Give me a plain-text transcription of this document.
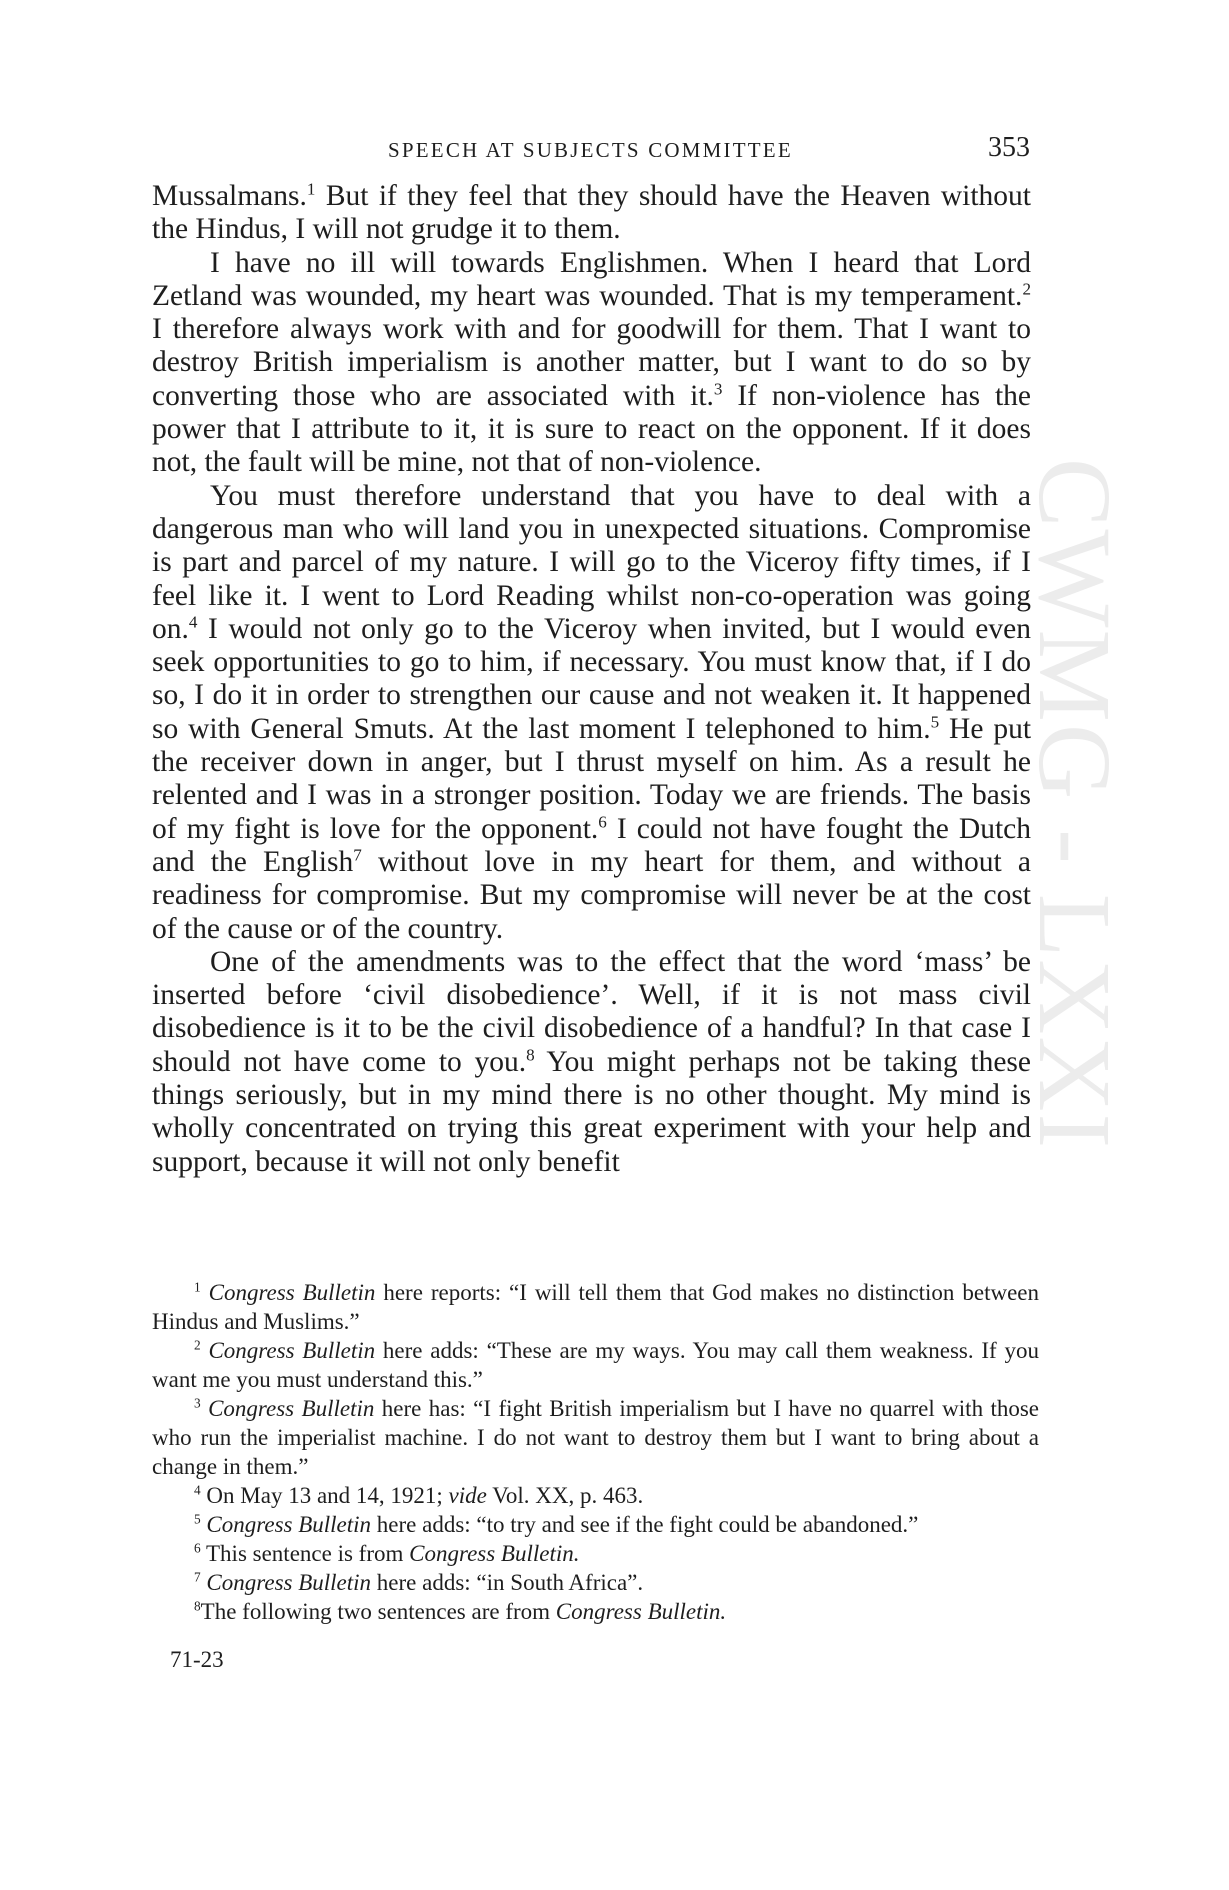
CWMG - LXXI
SPEECH AT SUBJECTS COMMITTEE	353

Mussalmans.$^1$ But if they feel that they should have the Heaven without the Hindus, I will not grudge it to them.

I have no ill will towards Englishmen. When I heard that Lord Zetland was wounded, my heart was wounded. That is my temperament.$^2$ I therefore always work with and for goodwill for them. That I want to destroy British imperialism is another matter, but I want to do so by converting those who are associated with it.$^3$ If non-violence has the power that I attribute to it, it is sure to react on the opponent. If it does not, the fault will be mine, not that of non-violence.

You must therefore understand that you have to deal with a dangerous man who will land you in unexpected situations. Compromise is part and parcel of my nature. I will go to the Viceroy fifty times, if I feel like it. I went to Lord Reading whilst non-co-operation was going on.$^4$ I would not only go to the Viceroy when invited, but I would even seek opportunities to go to him, if necessary. You must know that, if I do so, I do it in order to strengthen our cause and not weaken it. It happened so with General Smuts. At the last moment I telephoned to him.$^5$ He put the receiver down in anger, but I thrust myself on him. As a result he relented and I was in a stronger position. Today we are friends. The basis of my fight is love for the opponent.$^6$ I could not have fought the Dutch and the English$^7$ without love in my heart for them, and without a readiness for compromise. But my compromise will never be at the cost of the cause or of the country.

One of the amendments was to the effect that the word ‘mass’ be inserted before ‘civil disobedience’. Well, if it is not mass civil disobedience is it to be the civil disobedience of a handful? In that case I should not have come to you.$^8$ You might perhaps not be taking these things seriously, but in my mind there is no other thought. My mind is wholly concentrated on trying this great experiment with your help and support, because it will not only benefit

$^1$ Congress Bulletin here reports: “I will tell them that God makes no distinction between Hindus and Muslims.”

$^2$ Congress Bulletin here adds: “These are my ways. You may call them weakness. If you want me you must understand this.”

$^3$ Congress Bulletin here has: “I fight British imperialism but I have no quarrel with those who run the imperialist machine. I do not want to destroy them but I want to bring about a change in them.”

$^4$ On May 13 and 14, 1921; vide Vol. XX, p. 463.

$^5$ Congress Bulletin here adds: “to try and see if the fight could be abandoned.”

$^6$ This sentence is from Congress Bulletin.

$^7$ Congress Bulletin here adds: “in South Africa”.

$^8$The following two sentences are from Congress Bulletin.

71-23
